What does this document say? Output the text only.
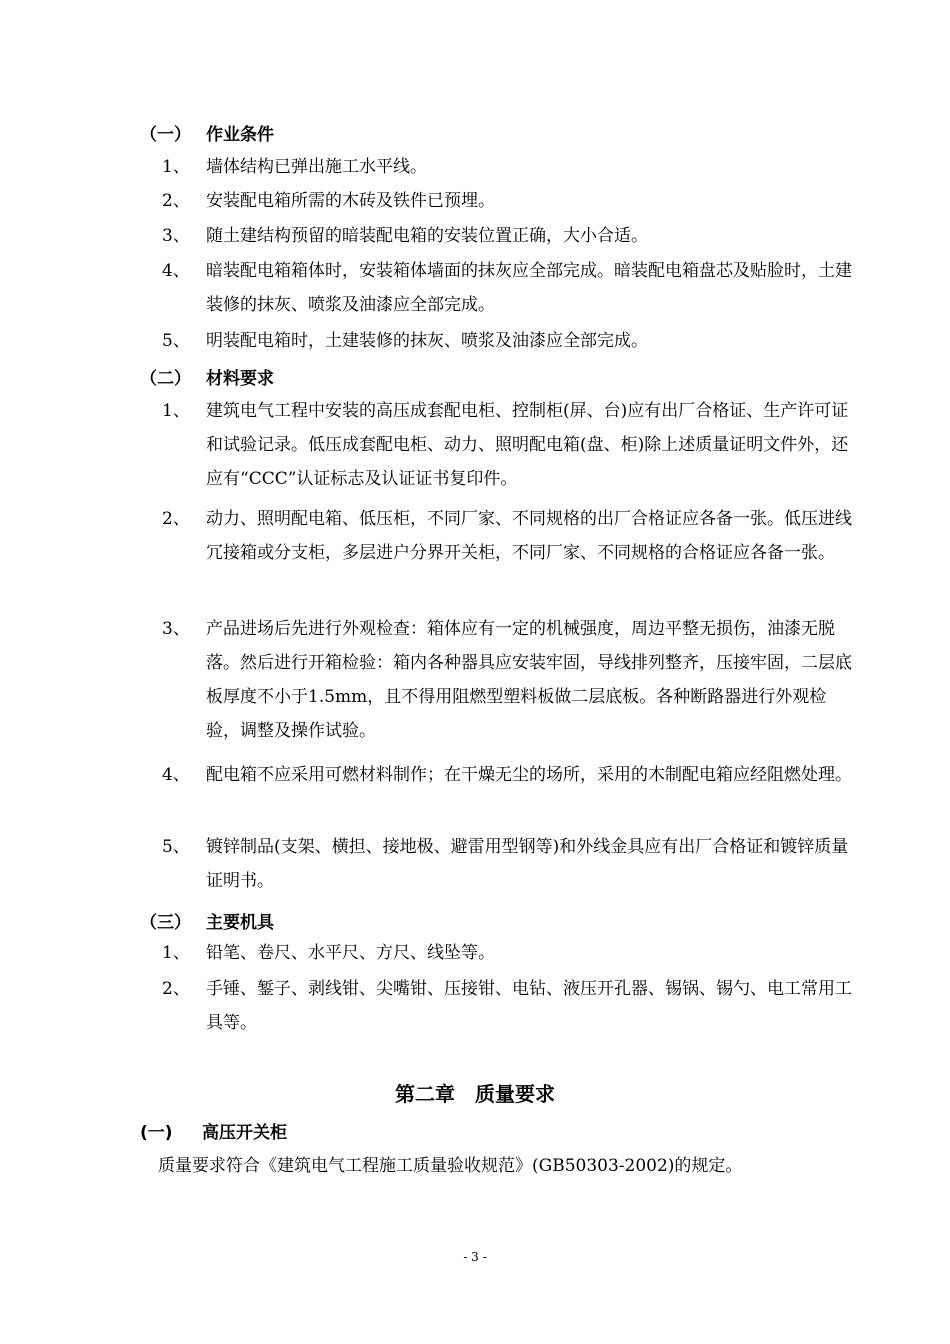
（一） 作业条件
1、 墙体结构已弹出施工水平线。
2、 安装配电箱所需的木砖及铁件已预埋。
3、 随土建结构预留的暗装配电箱的安装位置正确，大小合适。
4、 暗装配电箱箱体时，安装箱体墙面的抹灰应全部完成。暗装配电箱盘芯及贴脸时，土建装修的抹灰、喷浆及油漆应全部完成。
5、 明装配电箱时，土建装修的抹灰、喷浆及油漆应全部完成。
（二） 材料要求
1、 建筑电气工程中安装的高压成套配电柜、控制柜(屏、台)应有出厂合格证、生产许可证和试验记录。低压成套配电柜、动力、照明配电箱(盘、柜)除上述质量证明文件外，还应有“CCC”认证标志及认证证书复印件。
2、 动力、照明配电箱、低压柜，不同厂家、不同规格的出厂合格证应各备一张。低压进线冗接箱或分支柜，多层进户分界开关柜，不同厂家、不同规格的合格证应各备一张。
3、 产品进场后先进行外观检查：箱体应有一定的机械强度，周边平整无损伤，油漆无脱落。然后进行开箱检验：箱内各种器具应安装牢固，导线排列整齐，压接牢固，二层底板厚度不小于1.5mm，且不得用阻燃型塑料板做二层底板。各种断路器进行外观检验，调整及操作试验。
4、 配电箱不应采用可燃材料制作；在干燥无尘的场所，采用的木制配电箱应经阻燃处理。
5、 镀锌制品(支架、横担、接地极、避雷用型钢等)和外线金具应有出厂合格证和镀锌质量证明书。
（三） 主要机具
1、 铅笔、卷尺、水平尺、方尺、线坠等。
2、 手锤、錾子、剥线钳、尖嘴钳、压接钳、电钻、液压开孔器、锡锅、锡勺、电工常用工具等。
第二章　质量要求
(一) 高压开关柜
质量要求符合《建筑电气工程施工质量验收规范》(GB50303-2002)的规定。
- 3 -
